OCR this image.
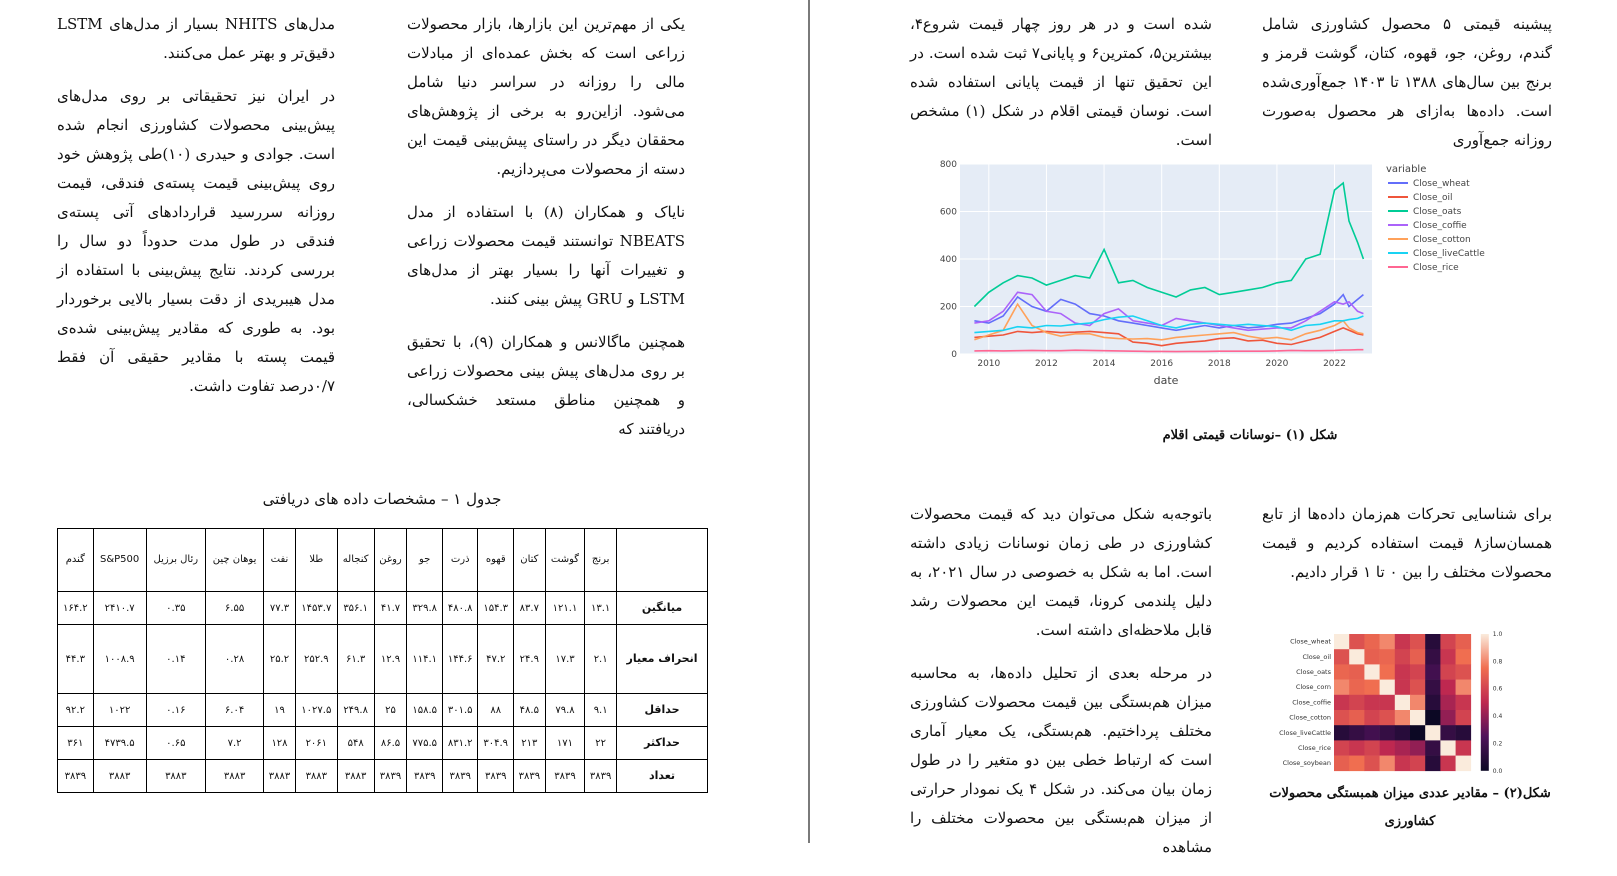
یکی از مهم‌ترین این بازارها، بازار محصولات زراعی است که بخش عمده‌ای از مبادلات مالی را روزانه در سراسر دنیا شامل می‌شود. ازاین‌رو به برخی از پژوهش‌های محققان دیگر در راستای پیش‌بینی قیمت این دسته از محصولات می‌پردازیم.

نایاک و همکاران (۸) با استفاده از مدل NBEATS توانستند قیمت محصولات زراعی و تغییرات آنها را بسیار بهتر از مدل‌های LSTM و GRU پیش بینی کنند.

همچنین ماگالانس و همکاران (۹)، با تحقیق بر روی مدل‌های پیش بینی محصولات زراعی و همچنین مناطق مستعد خشکسالی، دریافتند که

مدل‌های NHITS بسیار از مدل‌های LSTM دقیق‌تر و بهتر عمل می‌کنند.

در ایران نیز تحقیقاتی بر روی مدل‌های پیش‌بینی محصولات کشاورزی انجام شده است. جوادی و حیدری (۱۰)طی پژوهش خود روی پیش‌بینی قیمت پسته‌ی فندقی، قیمت روزانه سررسید قراردادهای آتی پسته‌ی فندقی در طول مدت حدوداً دو سال را بررسی کردند. نتایج پیش‌بینی با استفاده از مدل هیبریدی از دقت بسیار بالایی برخوردار بود. به طوری که مقادیر پیش‌بینی شده‌ی قیمت پسته با مقادیر حقیقی آن فقط ۰/۷درصد تفاوت داشت.

جدول ۱ – مشخصات داده های دریافتی
	برنج	گوشت	کتان	قهوه	ذرت	جو	روغن	کنجاله	طلا	نفت	یوهان چین	رئال برزیل	S&P500	گندم
میانگین	۱۳.۱	۱۲۱.۱	۸۳.۷	۱۵۴.۳	۴۸۰.۸	۳۲۹.۸	۴۱.۷	۳۵۶.۱	۱۴۵۳.۷	۷۷.۳	۶.۵۵	۰.۳۵	۲۴۱۰.۷	۱۶۴.۲
انحراف معیار	۲.۱	۱۷.۳	۲۴.۹	۴۷.۲	۱۴۴.۶	۱۱۴.۱	۱۲.۹	۶۱.۳	۲۵۲.۹	۲۵.۲	۰.۲۸	۰.۱۴	۱۰۰۸.۹	۴۴.۳
حداقل	۹.۱	۷۹.۸	۴۸.۵	۸۸	۳۰۱.۵	۱۵۸.۵	۲۵	۲۴۹.۸	۱۰۲۷.۵	۱۹	۶.۰۴	۰.۱۶	۱۰۲۲	۹۲.۲
حداکثر	۲۲	۱۷۱	۲۱۳	۳۰۴.۹	۸۳۱.۲	۷۷۵.۵	۸۶.۵	۵۴۸	۲۰۶۱	۱۲۸	۷.۲	۰.۶۵	۴۷۳۹.۵	۳۶۱
تعداد	۳۸۳۹	۳۸۳۹	۳۸۳۹	۳۸۳۹	۳۸۳۹	۳۸۳۹	۳۸۳۹	۳۸۸۳	۳۸۸۳	۳۸۸۳	۳۸۸۳	۳۸۸۳	۳۸۸۳	۳۸۳۹

پیشینه قیمتی ۵ محصول کشاورزی شامل گندم، روغن، جو، قهوه، کتان، گوشت قرمز و برنج بین سال‌های ۱۳۸۸ تا ۱۴۰۳ جمع‌آوری‌شده است. داده‌ها به‌ازای هر محصول به‌صورت روزانه جمع‌آوری

شده است و در هر روز چهار قیمت شروع۴، بیشترین۵، کمترین۶ و پایانی۷ ثبت شده است. در این تحقیق تنها از قیمت پایانی استفاده شده است. نوسان قیمتی اقلام در شکل (۱) مشخص است.

0
200
400
600
800
2010	2012	2014	2016	2018	2020	2022
date
variable
Close_wheat
Close_oil
Close_oats
Close_coffie
Close_cotton
Close_liveCattle
Close_rice
شکل (۱) –نوسانات قیمتی اقلام

برای شناسایی تحرکات هم‌زمان داده‌ها از تابع همسان‌ساز۸ قیمت استفاده کردیم و قیمت محصولات مختلف را بین ۰ تا ۱ قرار دادیم.

Close_wheat
Close_oil
Close_oats
Close_corn
Close_coffie
Close_cotton
Close_liveCattle
Close_rice
Close_soybean
1.0
0.8
0.6
0.4
0.2
0.0
شکل(۲) – مقادیر عددی میزان همبستگی محصولات کشاورزی

باتوجه‌به شکل می‌توان دید که قیمت محصولات کشاورزی در طی زمان نوسانات زیادی داشته است. اما به شکل به خصوصی در سال ۲۰۲۱، به دلیل پلندمی کرونا، قیمت این محصولات رشد قابل ملاحظه‌ای داشته است.

در مرحله بعدی از تحلیل داده‌ها، به محاسبه میزان هم‌بستگی بین قیمت محصولات کشاورزی مختلف پرداختیم. هم‌بستگی، یک معیار آماری است که ارتباط خطی بین دو متغیر را در طول زمان بیان می‌کند. در شکل ۴ یک نمودار حرارتی از میزان هم‌بستگی بین محصولات مختلف را مشاهده
